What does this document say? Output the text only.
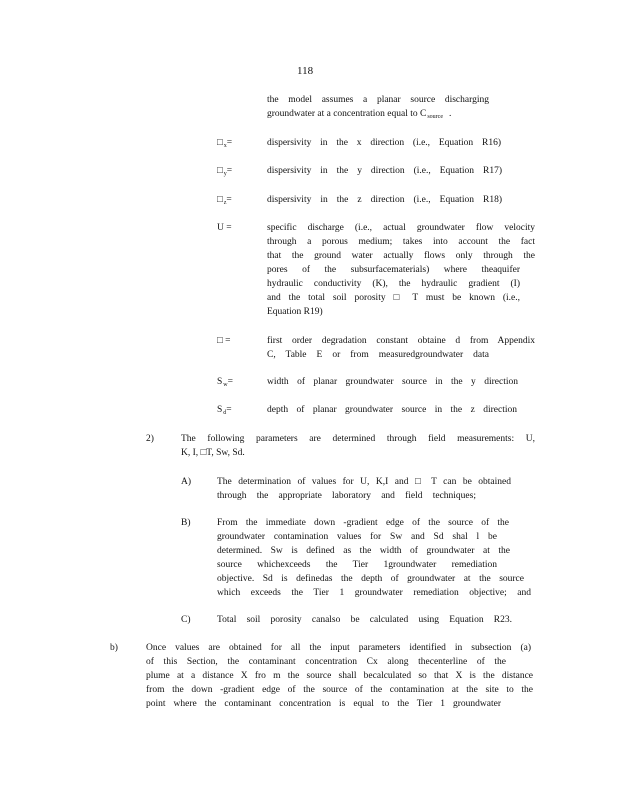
118
the model assumes a planar source discharging
groundwater at a concentration equal to $C_{source}$ .
$□_x=$	dispersivity in the x direction (i.e., Equation R16)
$□_y=$	dispersivity in the y direction (i.e., Equation R17)
$□_z=$	dispersivity in the z direction (i.e., Equation R18)
U =	specific discharge (i.e., actual groundwater flow velocity
through a porous medium; takes into account the fact
that the ground water actually flows only through the
pores of the subsurfacematerials) where theaquifer
hydraulic conductivity (K), the hydraulic gradient (I)
and the total soil porosity □ T must be known (i.e.,
Equation R19)
□ =	first order degradation constant obtaine d from Appendix
C, Table E or from measuredgroundwater data
$S_w=$	width of planar groundwater source in the y direction
$S_d=$	depth of planar groundwater source in the z direction
2)	The following parameters are determined through field measurements: U,
K, I, □T, Sw, Sd.
A)	The determination of values for U, K,I and □ T can be obtained
through the appropriate laboratory and field techniques;
B)	From the immediate down -gradient edge of the source of the
groundwater contamination values for Sw and Sd shal l be
determined. Sw is defined as the width of groundwater at the
source whichexceeds the Tier 1groundwater remediation
objective. Sd is definedas the depth of groundwater at the source
which exceeds the Tier 1 groundwater remediation objective; and
C)	Total soil porosity canalso be calculated using Equation R23.
b)	Once values are obtained for all the input parameters identified in subsection (a)
of this Section, the contaminant concentration Cx along thecenterline of the
plume at a distance X fro m the source shall becalculated so that X is the distance
from the down -gradient edge of the source of the contamination at the site to the
point where the contaminant concentration is equal to the Tier 1 groundwater
